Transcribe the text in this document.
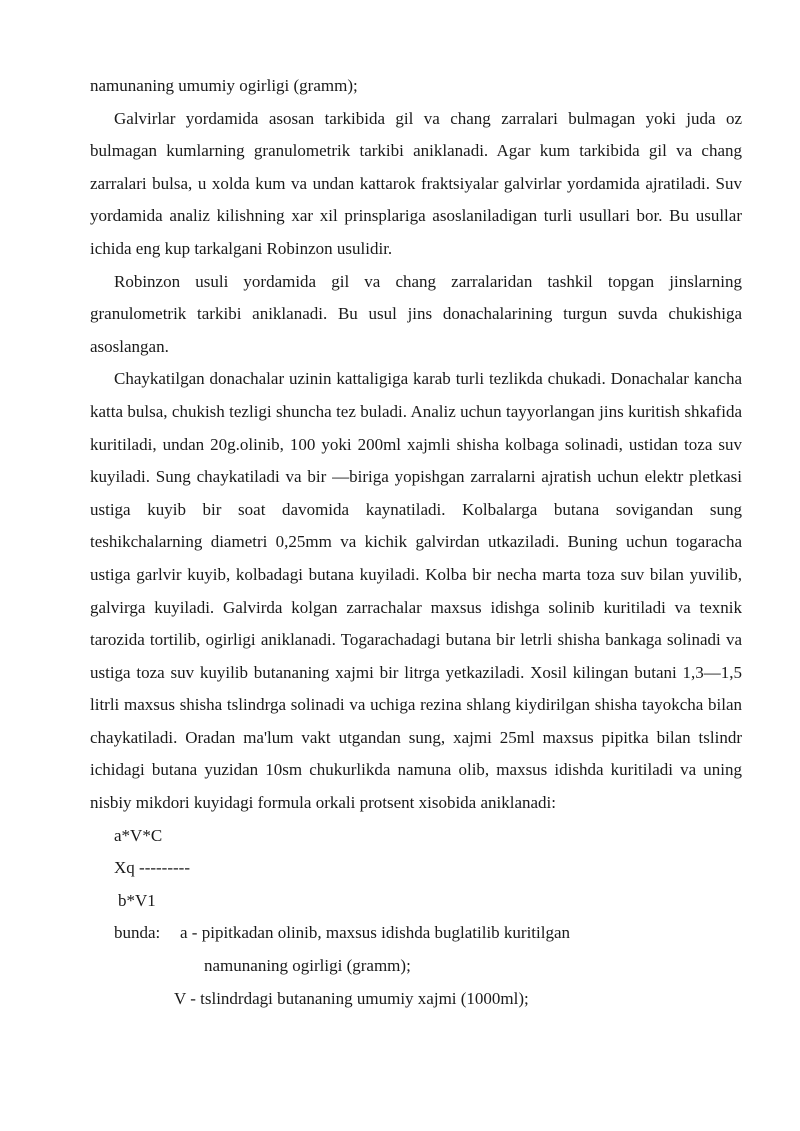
namunaning umumiy ogirligi (gramm);

Galvirlar yordamida asosan tarkibida gil va chang zarralari bulmagan yoki juda oz bulmagan kumlarning granulometrik tarkibi aniklanadi. Agar kum tarkibida gil va chang zarralari bulsa, u xolda kum va undan kattarok fraktsiyalar galvirlar yordamida ajratiladi. Suv yordamida analiz kilishning xar xil prinsplariga asoslaniladigan turli usullari bor. Bu usullar ichida eng kup tarkalgani Robinzon usulidir.

Robinzon usuli yordamida gil va chang zarralaridan tashkil topgan jinslarning granulometrik tarkibi aniklanadi. Bu usul jins donachalarining turgun suvda chukishiga asoslangan.

Chaykatilgan donachalar uzinin kattaligiga karab turli tezlikda chukadi. Donachalar kancha katta bulsa, chukish tezligi shuncha tez buladi. Analiz uchun tayyorlangan jins kuritish shkafida kuritiladi, undan 20g.olinib, 100 yoki 200ml xajmli shisha kolbaga solinadi, ustidan toza suv kuyiladi. Sung chaykatiladi va bir —biriga yopishgan zarralarni ajratish uchun elektr pletkasi ustiga kuyib bir soat davomida kaynatiladi. Kolbalarga butana sovigandan sung teshikchalarning diametri 0,25mm va kichik galvirdan utkaziladi. Buning uchun togaracha ustiga garlvir kuyib, kolbadagi butana kuyiladi. Kolba bir necha marta toza suv bilan yuvilib, galvirga kuyiladi. Galvirda kolgan zarrachalar maxsus idishga solinib kuritiladi va texnik tarozida tortilib, ogirligi aniklanadi. Togarachadagi butana bir letrli shisha bankaga solinadi va ustiga toza suv kuyilib butananing xajmi bir litrga yetkaziladi. Xosil kilingan butani 1,3—1,5 litrli maxsus shisha tslindrga solinadi va uchiga rezina shlang kiydirilgan shisha tayokcha bilan chaykatiladi. Oradan ma'lum vakt utgandan sung, xajmi 25ml maxsus pipitka bilan tslindr ichidagi butana yuzidan 10sm chukurlikda namuna olib, maxsus idishda kuritiladi va uning nisbiy mikdori kuyidagi formula orkali protsent xisobida aniklanadi:

a*V*C

Xq ---------

b*V1

bunda:	a - pipitkadan olinib, maxsus idishda buglatilib kuritilgan

namunaning ogirligi (gramm);

V - tslindrdagi butananing umumiy xajmi (1000ml);
